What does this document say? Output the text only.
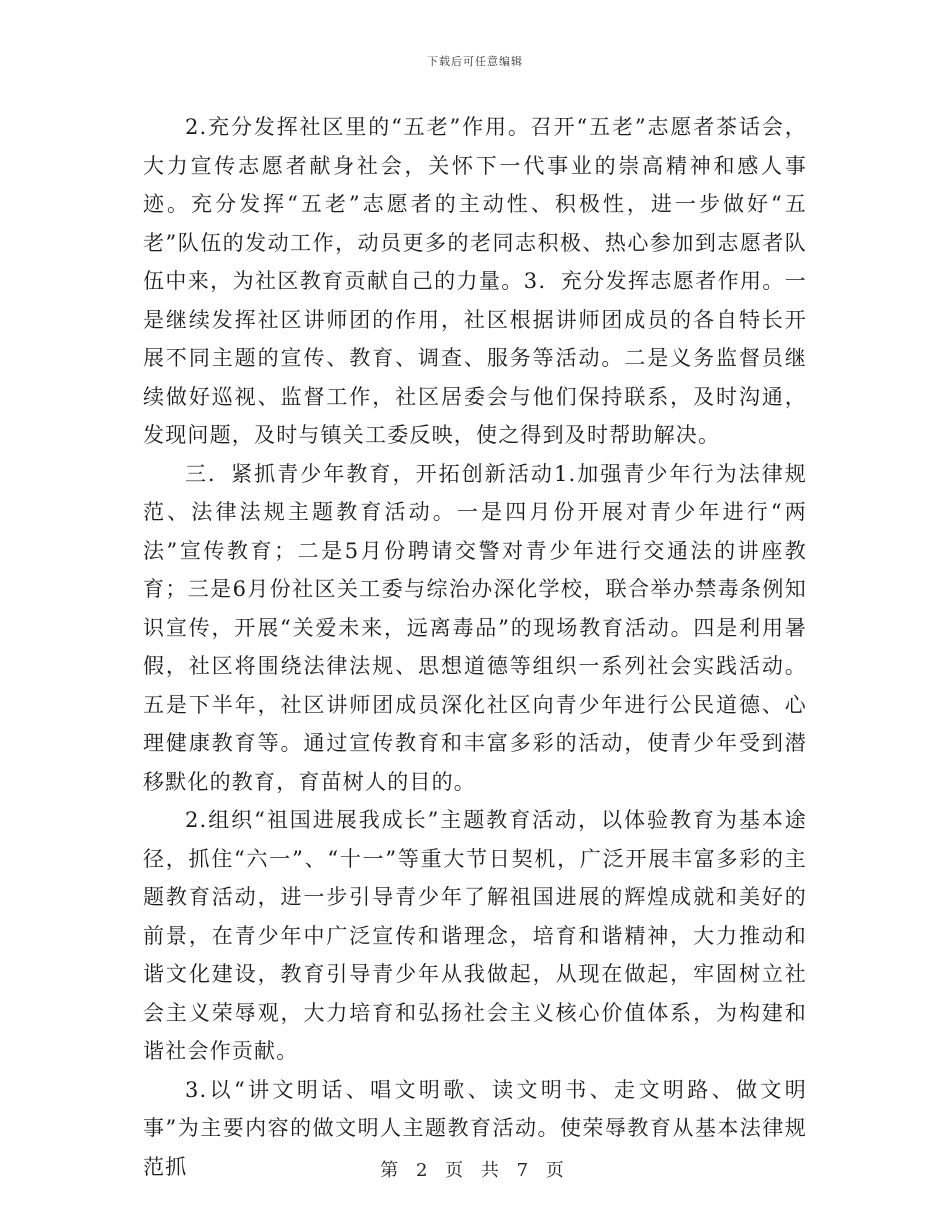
下载后可任意编辑

2.充分发挥社区里的“五老”作用。召开“五老”志愿者茶话会，大力宣传志愿者献身社会，关怀下一代事业的崇高精神和感人事迹。充分发挥“五老”志愿者的主动性、积极性，进一步做好“五老”队伍的发动工作，动员更多的老同志积极、热心参加到志愿者队伍中来，为社区教育贡献自己的力量。3．充分发挥志愿者作用。一是继续发挥社区讲师团的作用，社区根据讲师团成员的各自特长开展不同主题的宣传、教育、调查、服务等活动。二是义务监督员继续做好巡视、监督工作，社区居委会与他们保持联系，及时沟通，发现问题，及时与镇关工委反映，使之得到及时帮助解决。

三．紧抓青少年教育，开拓创新活动1.加强青少年行为法律规范、法律法规主题教育活动。一是四月份开展对青少年进行“两法”宣传教育；二是5月份聘请交警对青少年进行交通法的讲座教育；三是6月份社区关工委与综治办深化学校，联合举办禁毒条例知识宣传，开展“关爱未来，远离毒品”的现场教育活动。四是利用暑假，社区将围绕法律法规、思想道德等组织一系列社会实践活动。五是下半年，社区讲师团成员深化社区向青少年进行公民道德、心理健康教育等。通过宣传教育和丰富多彩的活动，使青少年受到潜移默化的教育，育苗树人的目的。

2.组织“祖国进展我成长”主题教育活动，以体验教育为基本途径，抓住“六一”、“十一”等重大节日契机，广泛开展丰富多彩的主题教育活动，进一步引导青少年了解祖国进展的辉煌成就和美好的前景，在青少年中广泛宣传和谐理念，培育和谐精神，大力推动和谐文化建设，教育引导青少年从我做起，从现在做起，牢固树立社会主义荣辱观，大力培育和弘扬社会主义核心价值体系，为构建和谐社会作贡献。

3.以“讲文明话、唱文明歌、读文明书、走文明路、做文明事”为主要内容的做文明人主题教育活动。使荣辱教育从基本法律规范抓	第 2 页 共 7 页
